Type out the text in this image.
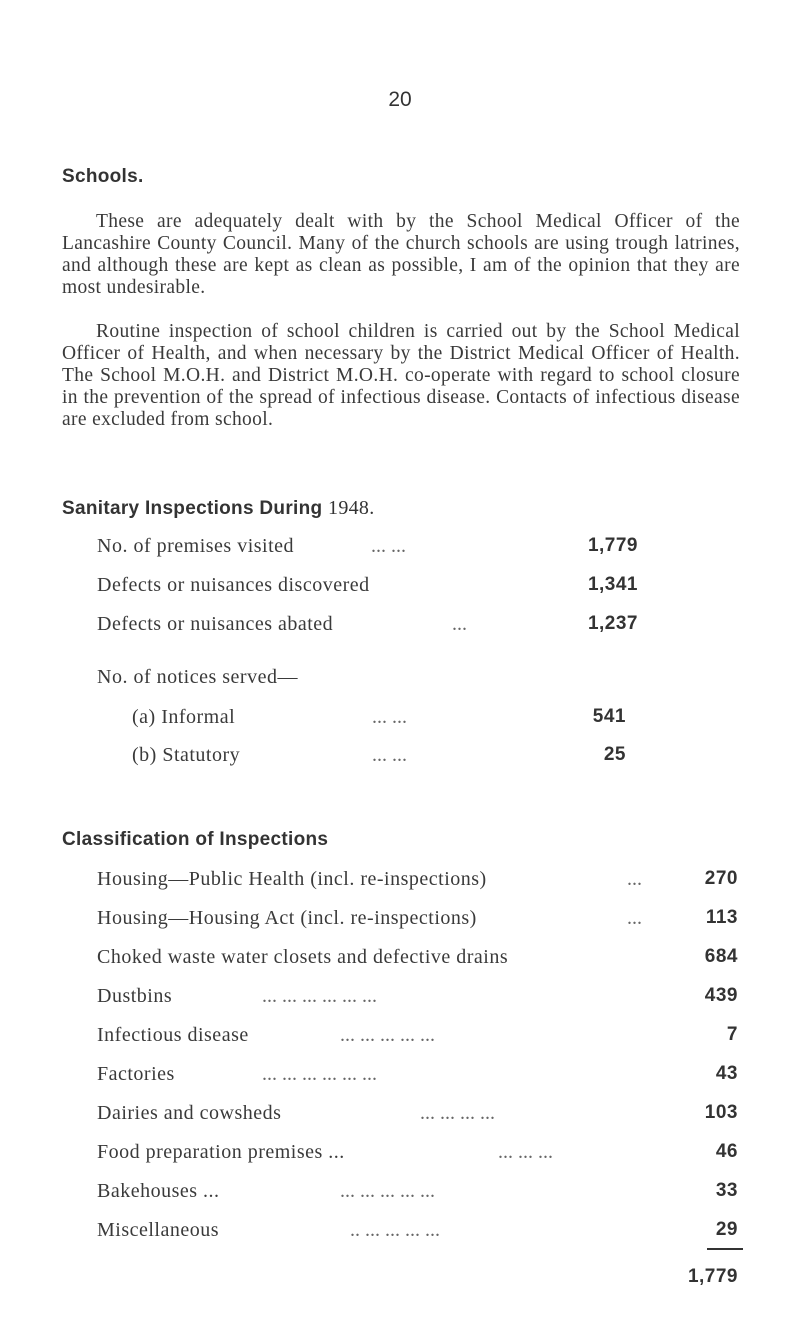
20
Schools.
These are adequately dealt with by the School Medical Officer of the Lancashire County Council. Many of the church schools are using trough latrines, and although these are kept as clean as possible, I am of the opinion that they are most undesirable.
Routine inspection of school children is carried out by the School Medical Officer of Health, and when necessary by the District Medical Officer of Health. The School M.O.H. and District M.O.H. co-operate with regard to school closure in the prevention of the spread of infectious disease. Contacts of infectious disease are excluded from school.
Sanitary Inspections During 1948.
No. of premises visited	... ...	1,779
Defects or nuisances discovered	1,341
Defects or nuisances abated	...	1,237
No. of notices served—
(a) Informal	... ...	541
(b) Statutory	... ...	25
Classification of Inspections
Housing—Public Health (incl. re-inspections)	...	270
Housing—Housing Act (incl. re-inspections)	...	113
Choked waste water closets and defective drains	684
Dustbins	... ... ... ... ... ...	439
Infectious disease	... ... ... ... ...	7
Factories	... ... ... ... ... ...	43
Dairies and cowsheds	... ... ... ...	103
Food preparation premises ...	... ... ...	46
Bakehouses ...	... ... ... ... ...	33
Miscellaneous	.. ... ... ... ...	29
1,779
